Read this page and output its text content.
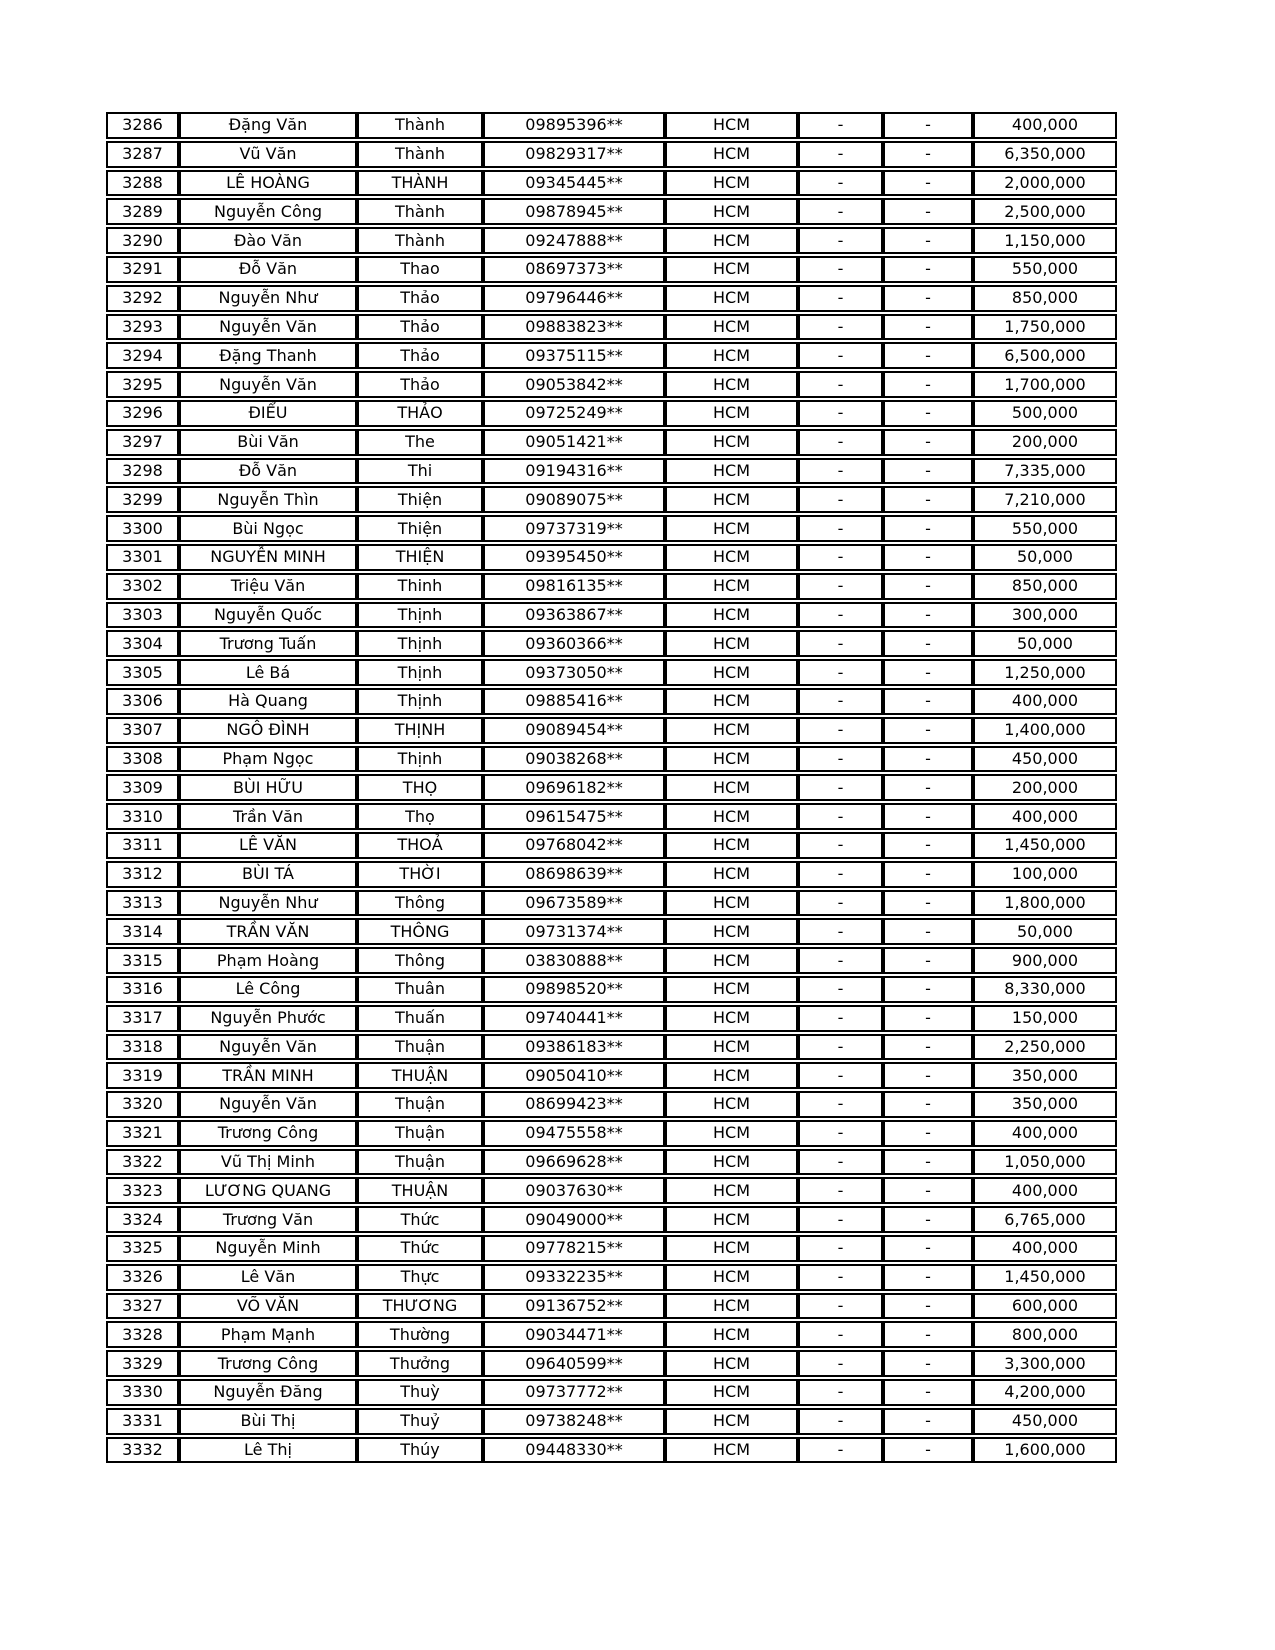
3286	Đặng Văn	Thành	09895396**	HCM	-	-	400,000
3287	Vũ Văn	Thành	09829317**	HCM	-	-	6,350,000
3288	LÊ HOÀNG	THÀNH	09345445**	HCM	-	-	2,000,000
3289	Nguyễn Công	Thành	09878945**	HCM	-	-	2,500,000
3290	Đào Văn	Thành	09247888**	HCM	-	-	1,150,000
3291	Đỗ Văn	Thao	08697373**	HCM	-	-	550,000
3292	Nguyễn Như	Thảo	09796446**	HCM	-	-	850,000
3293	Nguyễn Văn	Thảo	09883823**	HCM	-	-	1,750,000
3294	Đặng Thanh	Thảo	09375115**	HCM	-	-	6,500,000
3295	Nguyễn Văn	Thảo	09053842**	HCM	-	-	1,700,000
3296	ĐIỂU	THẢO	09725249**	HCM	-	-	500,000
3297	Bùi Văn	The	09051421**	HCM	-	-	200,000
3298	Đỗ Văn	Thi	09194316**	HCM	-	-	7,335,000
3299	Nguyễn Thìn	Thiện	09089075**	HCM	-	-	7,210,000
3300	Bùi Ngọc	Thiện	09737319**	HCM	-	-	550,000
3301	NGUYỄN MINH	THIỆN	09395450**	HCM	-	-	50,000
3302	Triệu Văn	Thinh	09816135**	HCM	-	-	850,000
3303	Nguyễn Quốc	Thịnh	09363867**	HCM	-	-	300,000
3304	Trương Tuấn	Thịnh	09360366**	HCM	-	-	50,000
3305	Lê Bá	Thịnh	09373050**	HCM	-	-	1,250,000
3306	Hà Quang	Thịnh	09885416**	HCM	-	-	400,000
3307	NGÔ ĐÌNH	THỊNH	09089454**	HCM	-	-	1,400,000
3308	Phạm Ngọc	Thịnh	09038268**	HCM	-	-	450,000
3309	BÙI HỮU	THỌ	09696182**	HCM	-	-	200,000
3310	Trần Văn	Thọ	09615475**	HCM	-	-	400,000
3311	LÊ VĂN	THOẢ	09768042**	HCM	-	-	1,450,000
3312	BÙI TÁ	THỜI	08698639**	HCM	-	-	100,000
3313	Nguyễn Như	Thông	09673589**	HCM	-	-	1,800,000
3314	TRẦN VĂN	THÔNG	09731374**	HCM	-	-	50,000
3315	Phạm Hoàng	Thông	03830888**	HCM	-	-	900,000
3316	Lê Công	Thuân	09898520**	HCM	-	-	8,330,000
3317	Nguyễn Phước	Thuấn	09740441**	HCM	-	-	150,000
3318	Nguyễn Văn	Thuận	09386183**	HCM	-	-	2,250,000
3319	TRẦN MINH	THUẬN	09050410**	HCM	-	-	350,000
3320	Nguyễn Văn	Thuận	08699423**	HCM	-	-	350,000
3321	Trương Công	Thuận	09475558**	HCM	-	-	400,000
3322	Vũ Thị Minh	Thuận	09669628**	HCM	-	-	1,050,000
3323	LƯƠNG QUANG	THUẬN	09037630**	HCM	-	-	400,000
3324	Trương Văn	Thức	09049000**	HCM	-	-	6,765,000
3325	Nguyễn Minh	Thức	09778215**	HCM	-	-	400,000
3326	Lê Văn	Thực	09332235**	HCM	-	-	1,450,000
3327	VÕ VĂN	THƯƠNG	09136752**	HCM	-	-	600,000
3328	Phạm Mạnh	Thường	09034471**	HCM	-	-	800,000
3329	Trương Công	Thưởng	09640599**	HCM	-	-	3,300,000
3330	Nguyễn Đăng	Thuỳ	09737772**	HCM	-	-	4,200,000
3331	Bùi Thị	Thuỷ	09738248**	HCM	-	-	450,000
3332	Lê Thị	Thúy	09448330**	HCM	-	-	1,600,000
